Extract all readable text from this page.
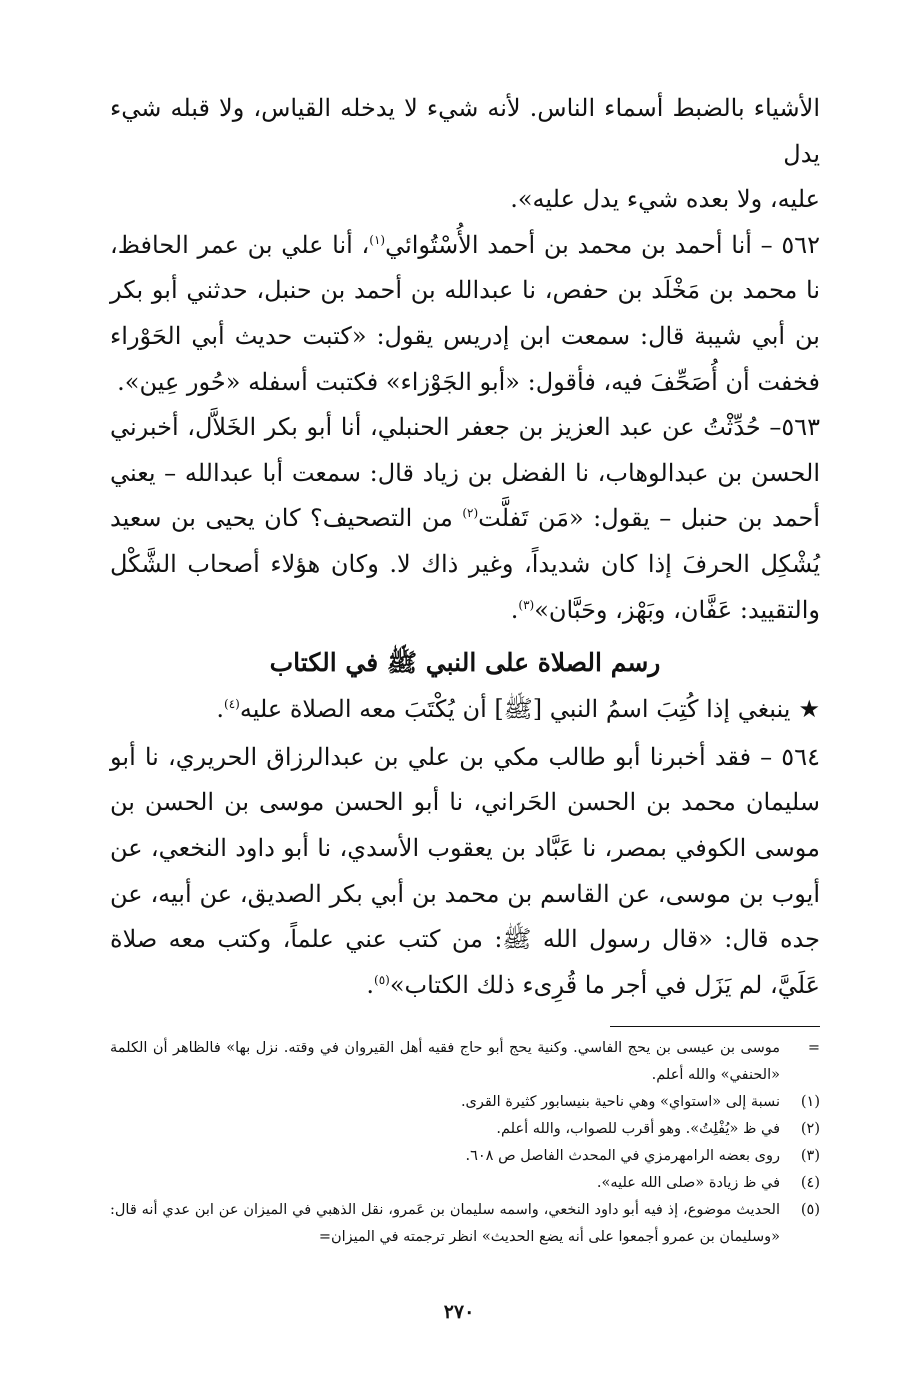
الأشياء بالضبط أسماء الناس. لأنه شيء لا يدخله القياس، ولا قبله شيء يدل
عليه، ولا بعده شيء يدل عليه».

٥٦٢ – أنا أحمد بن محمد بن أحمد الأُسْتُوائي$^{(١)}$، أنا علي بن عمر الحافظ، نا محمد بن مَخْلَد بن حفص، نا عبدالله بن أحمد بن حنبل، حدثني أبو بكر بن أبي شيبة قال: سمعت ابن إدريس يقول: «كتبت حديث أبي الحَوْراء فخفت أن أُصَحِّفَ فيه، فأقول: «أبو الجَوْزاء» فكتبت أسفله «حُور عِين».

٥٦٣– حُدِّثْتُ عن عبد العزيز بن جعفر الحنبلي، أنا أبو بكر الخَلاَّل، أخبرني الحسن بن عبدالوهاب، نا الفضل بن زياد قال: سمعت أبا عبدالله – يعني أحمد بن حنبل – يقول: «مَن تَفلَّت$^{(٢)}$ من التصحيف؟ كان يحيى بن سعيد يُشْكِل الحرفَ إذا كان شديداً، وغير ذاك لا. وكان هؤلاء أصحاب الشَّكْل والتقييد: عَفَّان، وبَهْز، وحَبَّان»$^{(٣)}$.

رسم الصلاة على النبي ﷺ في الكتاب

★ينبغي إذا كُتِبَ اسمُ النبي [ﷺ] أن يُكْتَبَ معه الصلاة عليه$^{(٤)}$.

٥٦٤ – فقد أخبرنا أبو طالب مكي بن علي بن عبدالرزاق الحريري، نا أبو سليمان محمد بن الحسن الحَراني، نا أبو الحسن موسى بن الحسن بن موسى الكوفي بمصر، نا عَبَّاد بن يعقوب الأسدي، نا أبو داود النخعي، عن أيوب بن موسى، عن القاسم بن محمد بن أبي بكر الصديق، عن أبيه، عن جده قال: «قال رسول الله ﷺ: من كتب عني علماً، وكتب معه صلاة عَلَيَّ، لم يَزَل في أجر ما قُرِىء ذلك الكتاب»$^{(٥)}$.

=
موسى بن عيسى بن يحج الفاسي. وكنية يحج أبو حاج فقيه أهل القيروان في وقته. نزل بها» فالظاهر أن الكلمة «الحنفي» والله أعلم.
(١)
نسبة إلى «استواي» وهي ناحية بنيسابور كثيرة القرى.
(٢)
في ظ «يُفْلِتُ». وهو أقرب للصواب، والله أعلم.
(٣)
روى بعضه الرامهرمزي في المحدث الفاصل ص ٦٠٨.
(٤)
في ظ زيادة «صلى الله عليه».
(٥)
الحديث موضوع، إذ فيه أبو داود النخعي، واسمه سليمان بن عَمرو، نقل الذهبي في الميزان عن ابن عدي أنه قال: «وسليمان بن عمرو أجمعوا على أنه يضع الحديث» انظر ترجمته في الميزان=
٢٧٠
